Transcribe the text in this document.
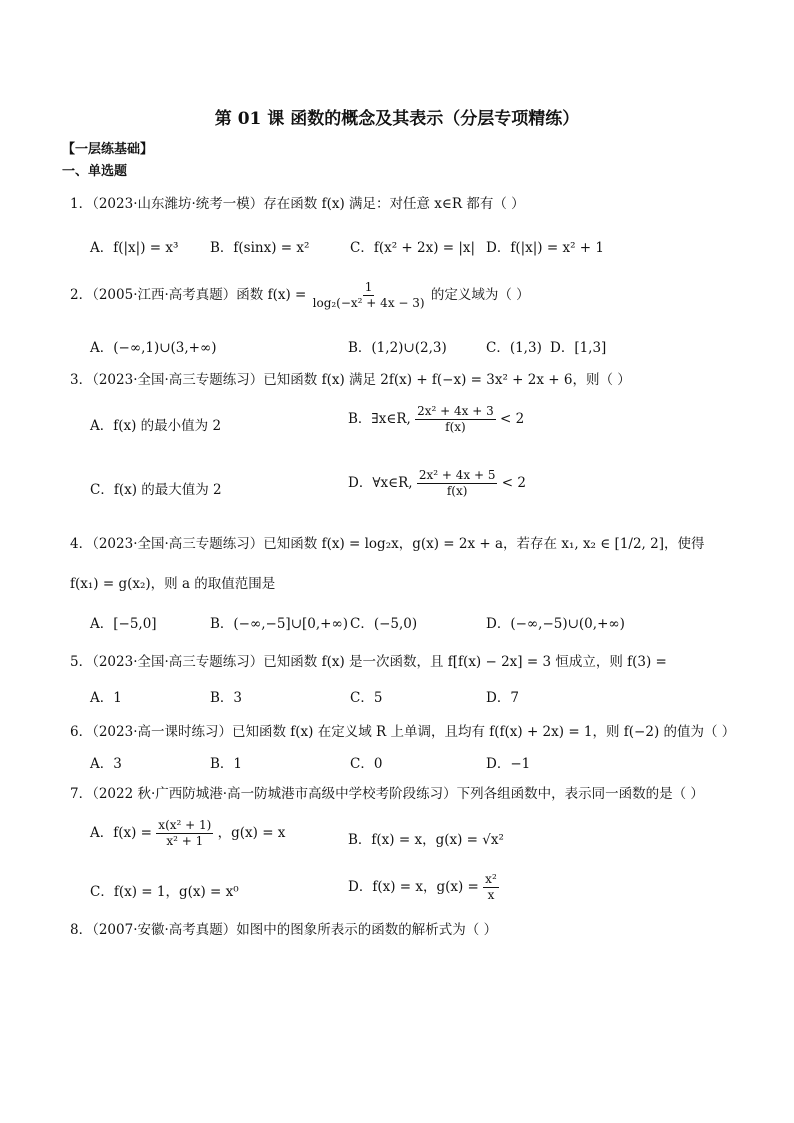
第 01 课 函数的概念及其表示（分层专项精练）
【一层练基础】
一、单选题
1．（2023·山东潍坊·统考一模）存在函数 f(x) 满足：对任意 x∈R 都有（ ）
A．f(|x|) = x³ B．f(sinx) = x²	C．f(x² + 2x) = |x| D．f(|x|) = x² + 1
2．（2005·江西·高考真题）函数 $f(x) = \frac{1}{\text{log₂(−x² + 4x − 3)}}$ 的定义域为（ ）
A．(−∞,1)∪(3,+∞)	B．(1,2)∪(2,3)	C．(1,3) D．[1,3]
3．（2023·全国·高三专题练习）已知函数 f(x) 满足 2f(x) + f(−x) = 3x² + 2x + 6，则（ ）
A．f(x) 的最小值为 2	B．∃x∈R, $\frac{\text{2x² + 4x + 3}}{f(x)} < 2$
C．f(x) 的最大值为 2	D．∀x∈R, $\frac{\text{2x² + 4x + 5}}{f(x)} < 2$
4．（2023·全国·高三专题练习）已知函数 f(x) = log₂x，g(x) = 2x + a，若存在 x₁, x₂ ∈ [1/2, 2]，使得
f(x₁) = g(x₂)，则 a 的取值范围是
A．[−5,0]	B．(−∞,−5]∪[0,+∞) C．(−5,0)	D．(−∞,−5)∪(0,+∞)
5．（2023·全国·高三专题练习）已知函数 f(x) 是一次函数，且 f[f(x) − 2x] = 3 恒成立，则 f(3) =
A．1	B．3	C．5	D．7
6．（2023·高一课时练习）已知函数 f(x) 在定义域 R 上单调，且均有 f(f(x) + 2x) = 1，则 f(−2) 的值为（ ）
A．3	B．1	C．0	D．−1
7．（2022 秋·广西防城港·高一防城港市高级中学校考阶段练习）下列各组函数中，表示同一函数的是（ ）
A．$f(x) = \frac{\text{x(x² + 1)}}{\text{x² + 1}}$ ，g(x) = x	B．f(x) = x，g(x) = √x²
C．f(x) = 1，g(x) = x⁰	D．f(x) = x，$g(x) = \frac{\text{x²}}{x}$
8．（2007·安徽·高考真题）如图中的图象所表示的函数的解析式为（ ）
